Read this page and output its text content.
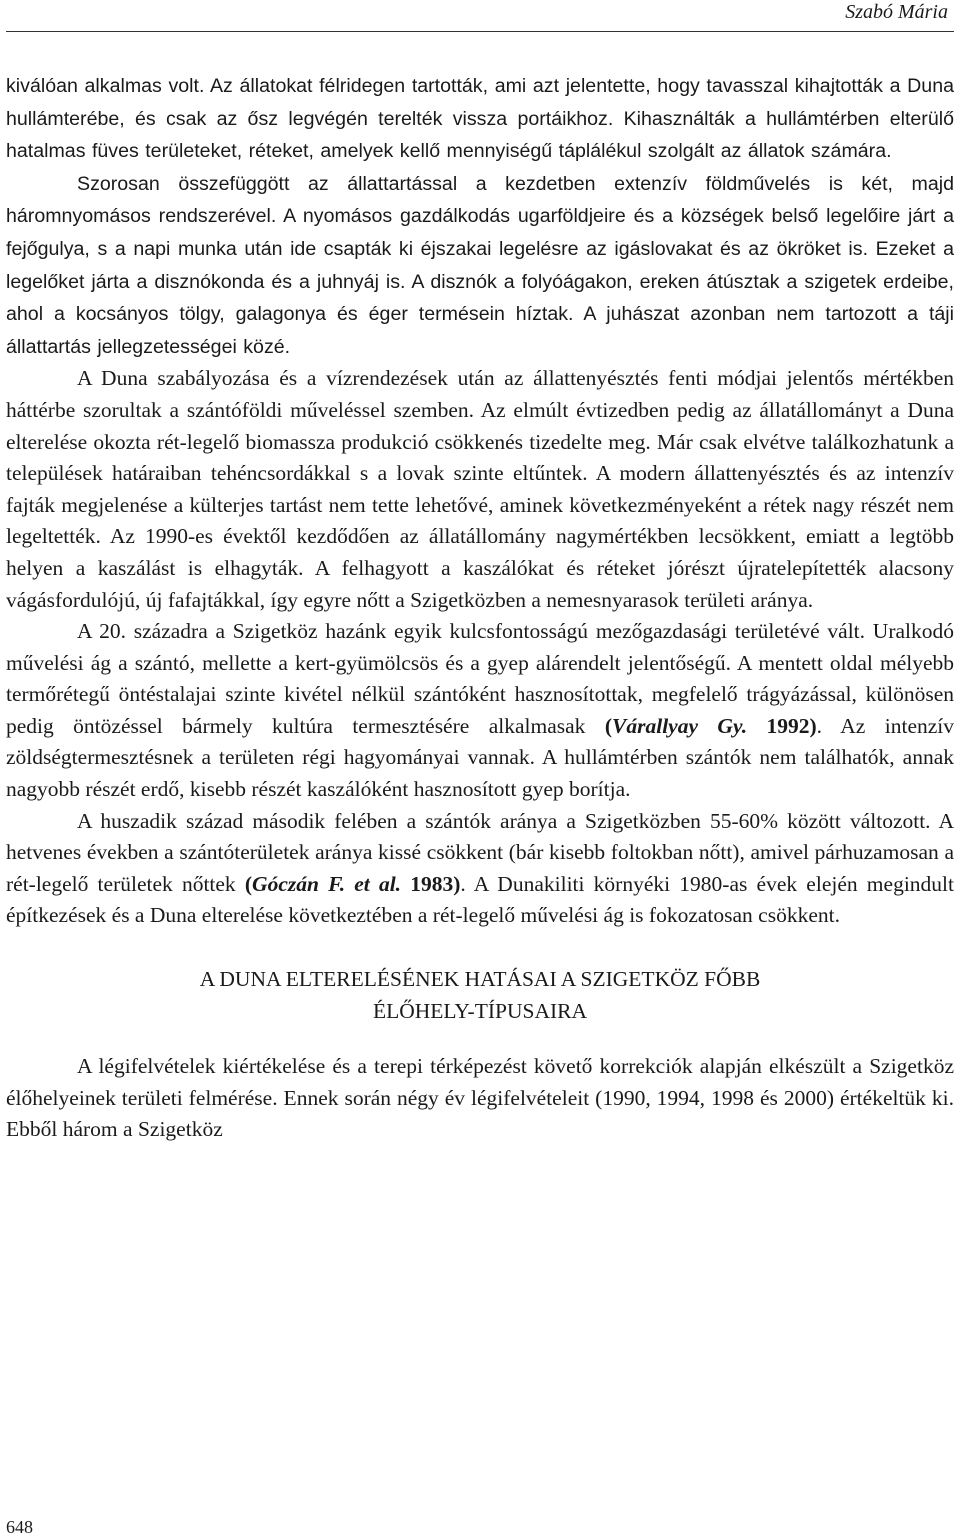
Szabó Mária

kiválóan alkalmas volt. Az állatokat félridegen tartották, ami azt jelentette, hogy tavasszal kihajtották a Duna hullámterébe, és csak az ősz legvégén terelték vissza portáikhoz. Kihasználták a hullámtérben elterülő hatalmas füves területeket, réteket, amelyek kellő mennyiségű táplálékul szolgált az állatok számára.

Szorosan összefüggött az állattartással a kezdetben extenzív földművelés is két, majd háromnyomásos rendszerével. A nyomásos gazdálkodás ugarföldjeire és a községek belső legelőire járt a fejőgulya, s a napi munka után ide csapták ki éjszakai legelésre az igáslovakat és az ökröket is. Ezeket a legelőket járta a disznókonda és a juhnyáj is. A disznók a folyóágakon, ereken átúsztak a szigetek erdeibe, ahol a kocsányos tölgy, galagonya és éger termésein híztak. A juhászat azonban nem tartozott a táji állattartás jellegzetességei közé.

A Duna szabályozása és a vízrendezések után az állattenyésztés fenti módjai jelentős mértékben háttérbe szorultak a szántóföldi műveléssel szemben. Az elmúlt évtizedben pedig az állatállományt a Duna elterelése okozta rét-legelő biomassza produkció csökkenés tizedelte meg. Már csak elvétve találkozhatunk a települések határaiban tehéncsordákkal s a lovak szinte eltűntek. A modern állattenyésztés és az intenzív fajták megjelenése a külterjes tartást nem tette lehetővé, aminek következményeként a rétek nagy részét nem legeltették. Az 1990-es évektől kezdődően az állatállomány nagymértékben lecsökkent, emiatt a legtöbb helyen a kaszálást is elhagyták. A felhagyott a kaszálókat és réteket jórészt újratelepítették alacsony vágásfordulójú, új fafajtákkal, így egyre nőtt a Szigetközben a nemesnyarasok területi aránya.

A 20. századra a Szigetköz hazánk egyik kulcsfontosságú mezőgazdasági területévé vált. Uralkodó művelési ág a szántó, mellette a kert-gyümölcsös és a gyep alárendelt jelentőségű. A mentett oldal mélyebb termőrétegű öntéstalajai szinte kivétel nélkül szántóként hasznosítottak, megfelelő trágyázással, különösen pedig öntözéssel bármely kultúra termesztésére alkalmasak (Várallyay Gy. 1992). Az intenzív zöldségtermesztésnek a területen régi hagyományai vannak. A hullámtérben szántók nem találhatók, annak nagyobb részét erdő, kisebb részét kaszálóként hasznosított gyep borítja.

A huszadik század második felében a szántók aránya a Szigetközben 55-60% között változott. A hetvenes években a szántóterületek aránya kissé csökkent (bár kisebb foltokban nőtt), amivel párhuzamosan a rét-legelő területek nőttek (Góczán F. et al. 1983). A Dunakiliti környéki 1980-as évek elején megindult építkezések és a Duna elterelése következtében a rét-legelő művelési ág is fokozatosan csökkent.

A DUNA ELTERELÉSÉNEK HATÁSAI A SZIGETKÖZ FŐBB
ÉLŐHELY-TÍPUSAIRA

A légifelvételek kiértékelése és a terepi térképezést követő korrekciók alapján elkészült a Szigetköz élőhelyeinek területi felmérése. Ennek során négy év légifelvételeit (1990, 1994, 1998 és 2000) értékeltük ki. Ebből három a Szigetköz

648
